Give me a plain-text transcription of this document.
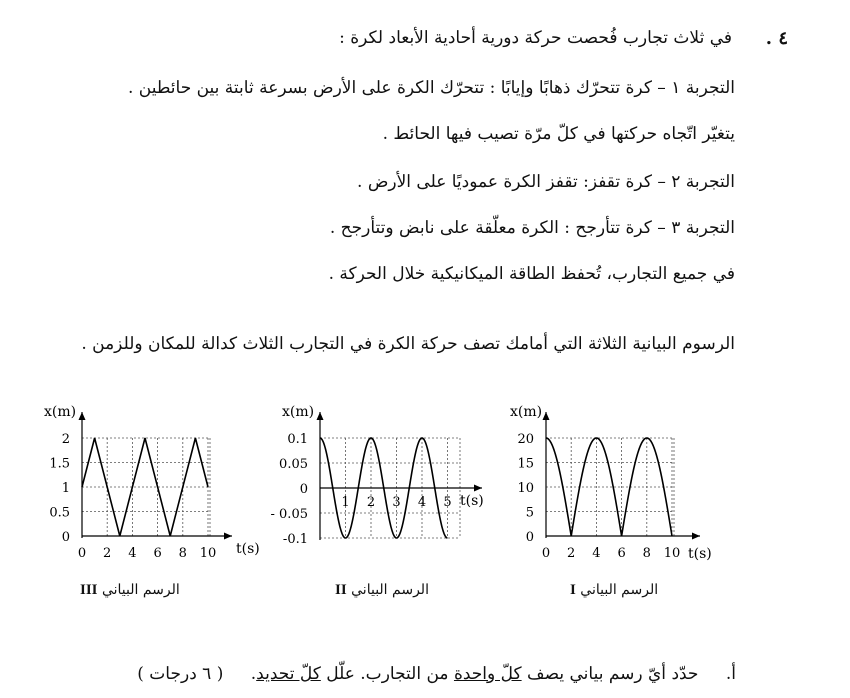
٤ .
في ثلاث تجارب فُحصت حركة دورية أحادية الأبعاد لكرة :
التجربة ١ – كرة تتحرّك ذهابًا وإيابًا : تتحرّك الكرة على الأرض بسرعة ثابتة بين حائطين .
يتغيّر اتّجاه حركتها في كلّ مرّة تصيب فيها الحائط .
التجربة ٢ – كرة تقفز: تقفز الكرة عموديًا على الأرض .
التجربة ٣ – كرة تتأرجح : الكرة معلّقة على نابض وتتأرجح .
في جميع التجارب، تُحفظ الطاقة الميكانيكية خلال الحركة .
الرسوم البيانية الثلاثة التي أمامك تصف حركة الكرة في التجارب الثلاث كدالة للمكان وللزمن .
0
0.5
1
1.5
2
0 2 4 6 8 10 t(s)
x(m)
0.1
0.05
0
- 0.05
-0.1
1 2 3 4 5 t(s)
x(m)
0
5
10
15
20
0 2 4 6 8 10 t(s)
x(m)
الرسم البياني III	الرسم البياني II	الرسم البياني I
أ. حدّد أيّ رسم بياني يصف كلّ واحدة من التجارب. علّل كلّ تحديد. ( ٦ درجات )
